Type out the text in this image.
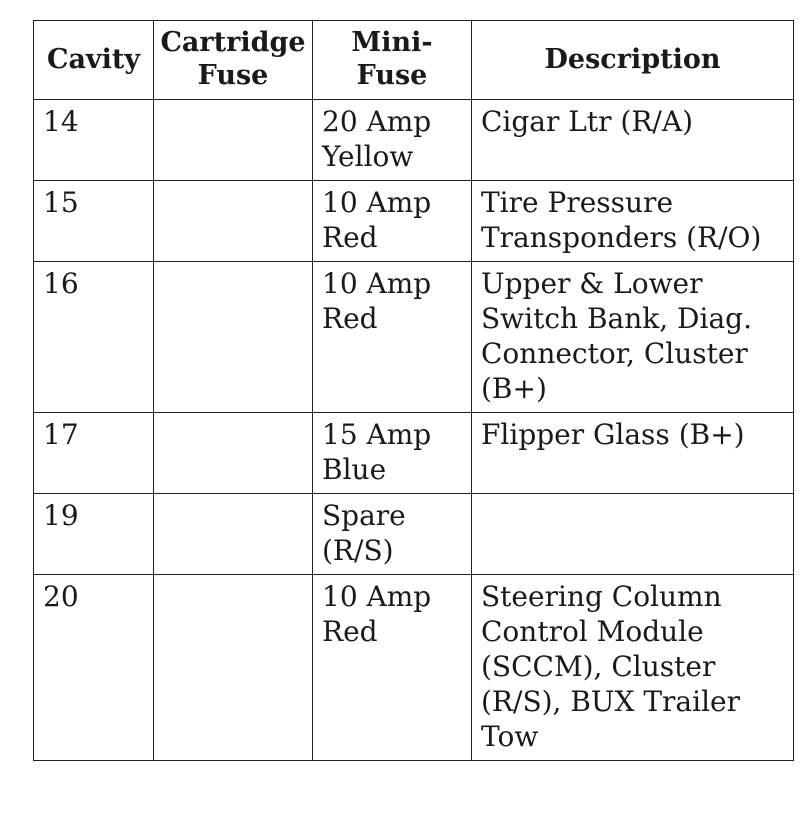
Cavity	Cartridge Fuse	Mini-Fuse	Description
14		20 Amp Yellow	Cigar Ltr (R/A)
15		10 Amp Red	Tire Pressure Transponders (R/O)
16		10 Amp Red	Upper & Lower Switch Bank, Diag. Connector, Cluster (B+)
17		15 Amp Blue	Flipper Glass (B+)
19		Spare (R/S)	
20		10 Amp Red	Steering Column Control Module (SCCM), Cluster (R/S), BUX Trailer Tow
